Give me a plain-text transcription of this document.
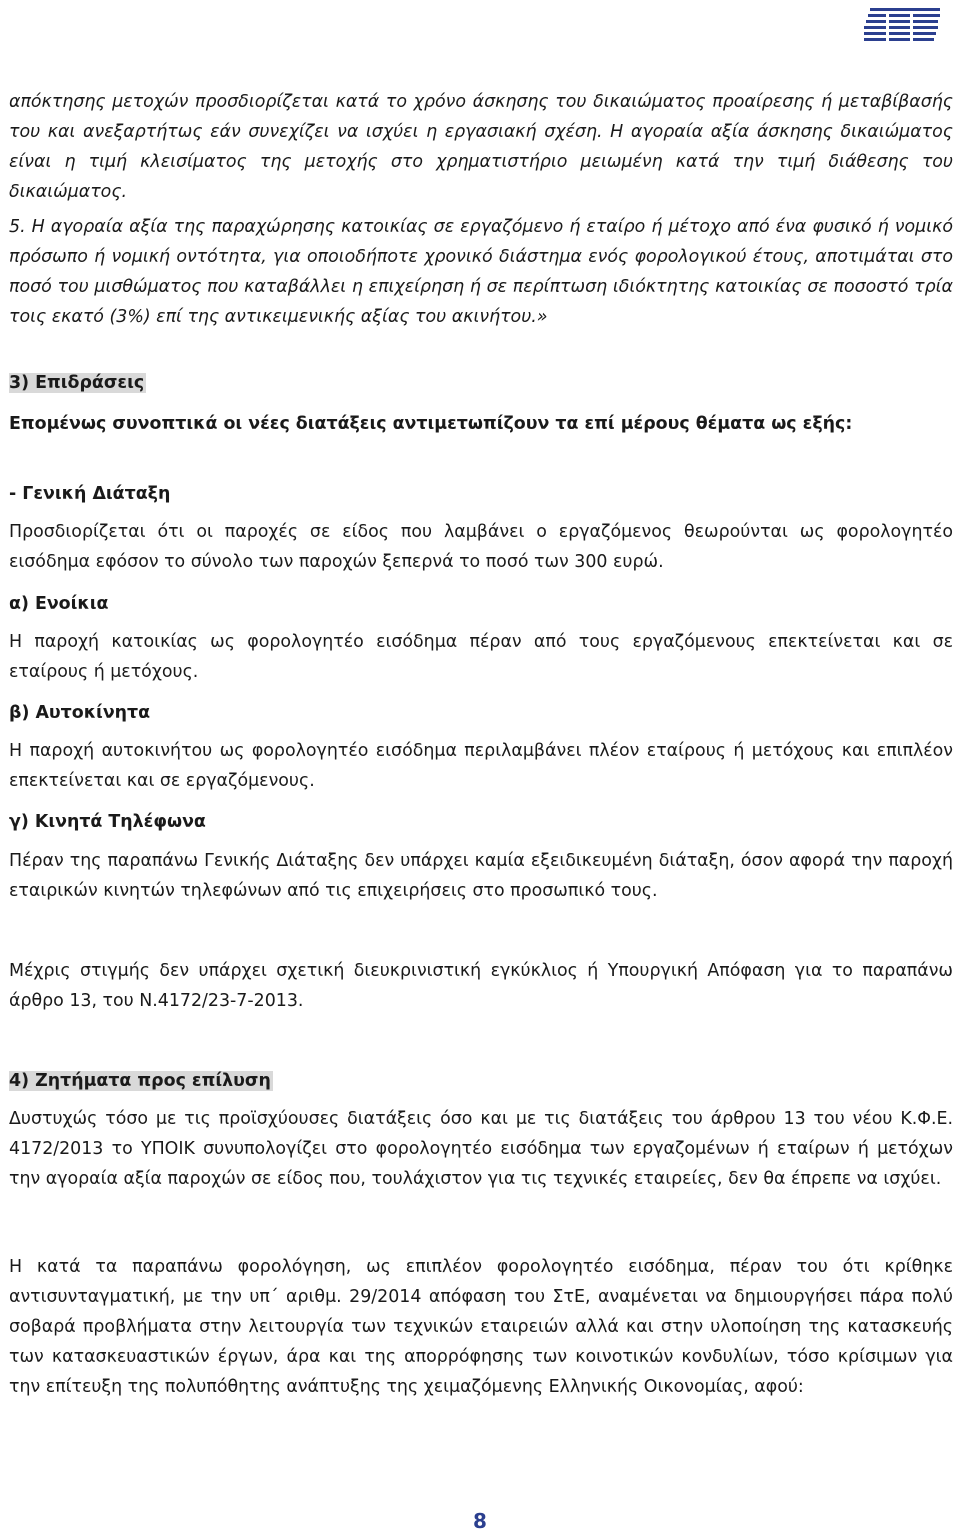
απόκτησης μετοχών προσδιορίζεται κατά το χρόνο άσκησης του δικαιώματος προαίρεσης ή μεταβίβασής του και ανεξαρτήτως εάν συνεχίζει να ισχύει η εργασιακή σχέση. Η αγοραία αξία άσκησης δικαιώματος είναι η τιμή κλεισίματος της μετοχής στο χρηματιστήριο μειωμένη κατά την τιμή διάθεσης του δικαιώματος.

5. Η αγοραία αξία της παραχώρησης κατοικίας σε εργαζόμενο ή εταίρο ή μέτοχο από ένα φυσικό ή νομικό πρόσωπο ή νομική οντότητα, για οποιοδήποτε χρονικό διάστημα ενός φορολογικού έτους, αποτιμάται στο ποσό του μισθώματος που καταβάλλει η επιχείρηση ή σε περίπτωση ιδιόκτητης κατοικίας σε ποσοστό τρία τοις εκατό (3%) επί της αντικειμενικής αξίας του ακινήτου.»

3) Επιδράσεις

Επομένως συνοπτικά οι νέες διατάξεις αντιμετωπίζουν τα επί μέρους θέματα ως εξής:

- Γενική Διάταξη

Προσδιορίζεται ότι οι παροχές σε είδος που λαμβάνει ο εργαζόμενος θεωρούνται ως φορολογητέο εισόδημα εφόσον το σύνολο των παροχών ξεπερνά το ποσό των 300 ευρώ.

α) Ενοίκια

Η παροχή κατοικίας ως φορολογητέο εισόδημα πέραν από τους εργαζόμενους επεκτείνεται και σε εταίρους ή μετόχους.

β) Αυτοκίνητα

Η παροχή αυτοκινήτου ως φορολογητέο εισόδημα περιλαμβάνει πλέον εταίρους ή μετόχους και επιπλέον επεκτείνεται και σε εργαζόμενους.

γ) Κινητά Τηλέφωνα

Πέραν της παραπάνω Γενικής Διάταξης δεν υπάρχει καμία εξειδικευμένη διάταξη, όσον αφορά την παροχή εταιρικών κινητών τηλεφώνων από τις επιχειρήσεις στο προσωπικό τους.

Μέχρις στιγμής δεν υπάρχει σχετική διευκρινιστική εγκύκλιος ή Υπουργική Απόφαση για το παραπάνω άρθρο 13, του Ν.4172/23-7-2013.

4) Ζητήματα προς επίλυση

Δυστυχώς τόσο με τις προϊσχύουσες διατάξεις όσο και με τις διατάξεις του άρθρου 13 του νέου Κ.Φ.Ε. 4172/2013 το ΥΠΟΙΚ συνυπολογίζει στο φορολογητέο εισόδημα των εργαζομένων ή εταίρων ή μετόχων την αγοραία αξία παροχών σε είδος που, τουλάχιστον για τις τεχνικές εταιρείες, δεν θα έπρεπε να ισχύει.

Η κατά τα παραπάνω φορολόγηση, ως επιπλέον φορολογητέο εισόδημα, πέραν του ότι κρίθηκε αντισυνταγματική, με την υπ΄ αριθμ. 29/2014 απόφαση του ΣτΕ, αναμένεται να δημιουργήσει πάρα πολύ σοβαρά προβλήματα στην λειτουργία των τεχνικών εταιρειών αλλά και στην υλοποίηση της κατασκευής των κατασκευαστικών έργων, άρα και της απορρόφησης των κοινοτικών κονδυλίων, τόσο κρίσιμων για την επίτευξη της πολυπόθητης ανάπτυξης της χειμαζόμενης Ελληνικής Οικονομίας, αφού:

8
